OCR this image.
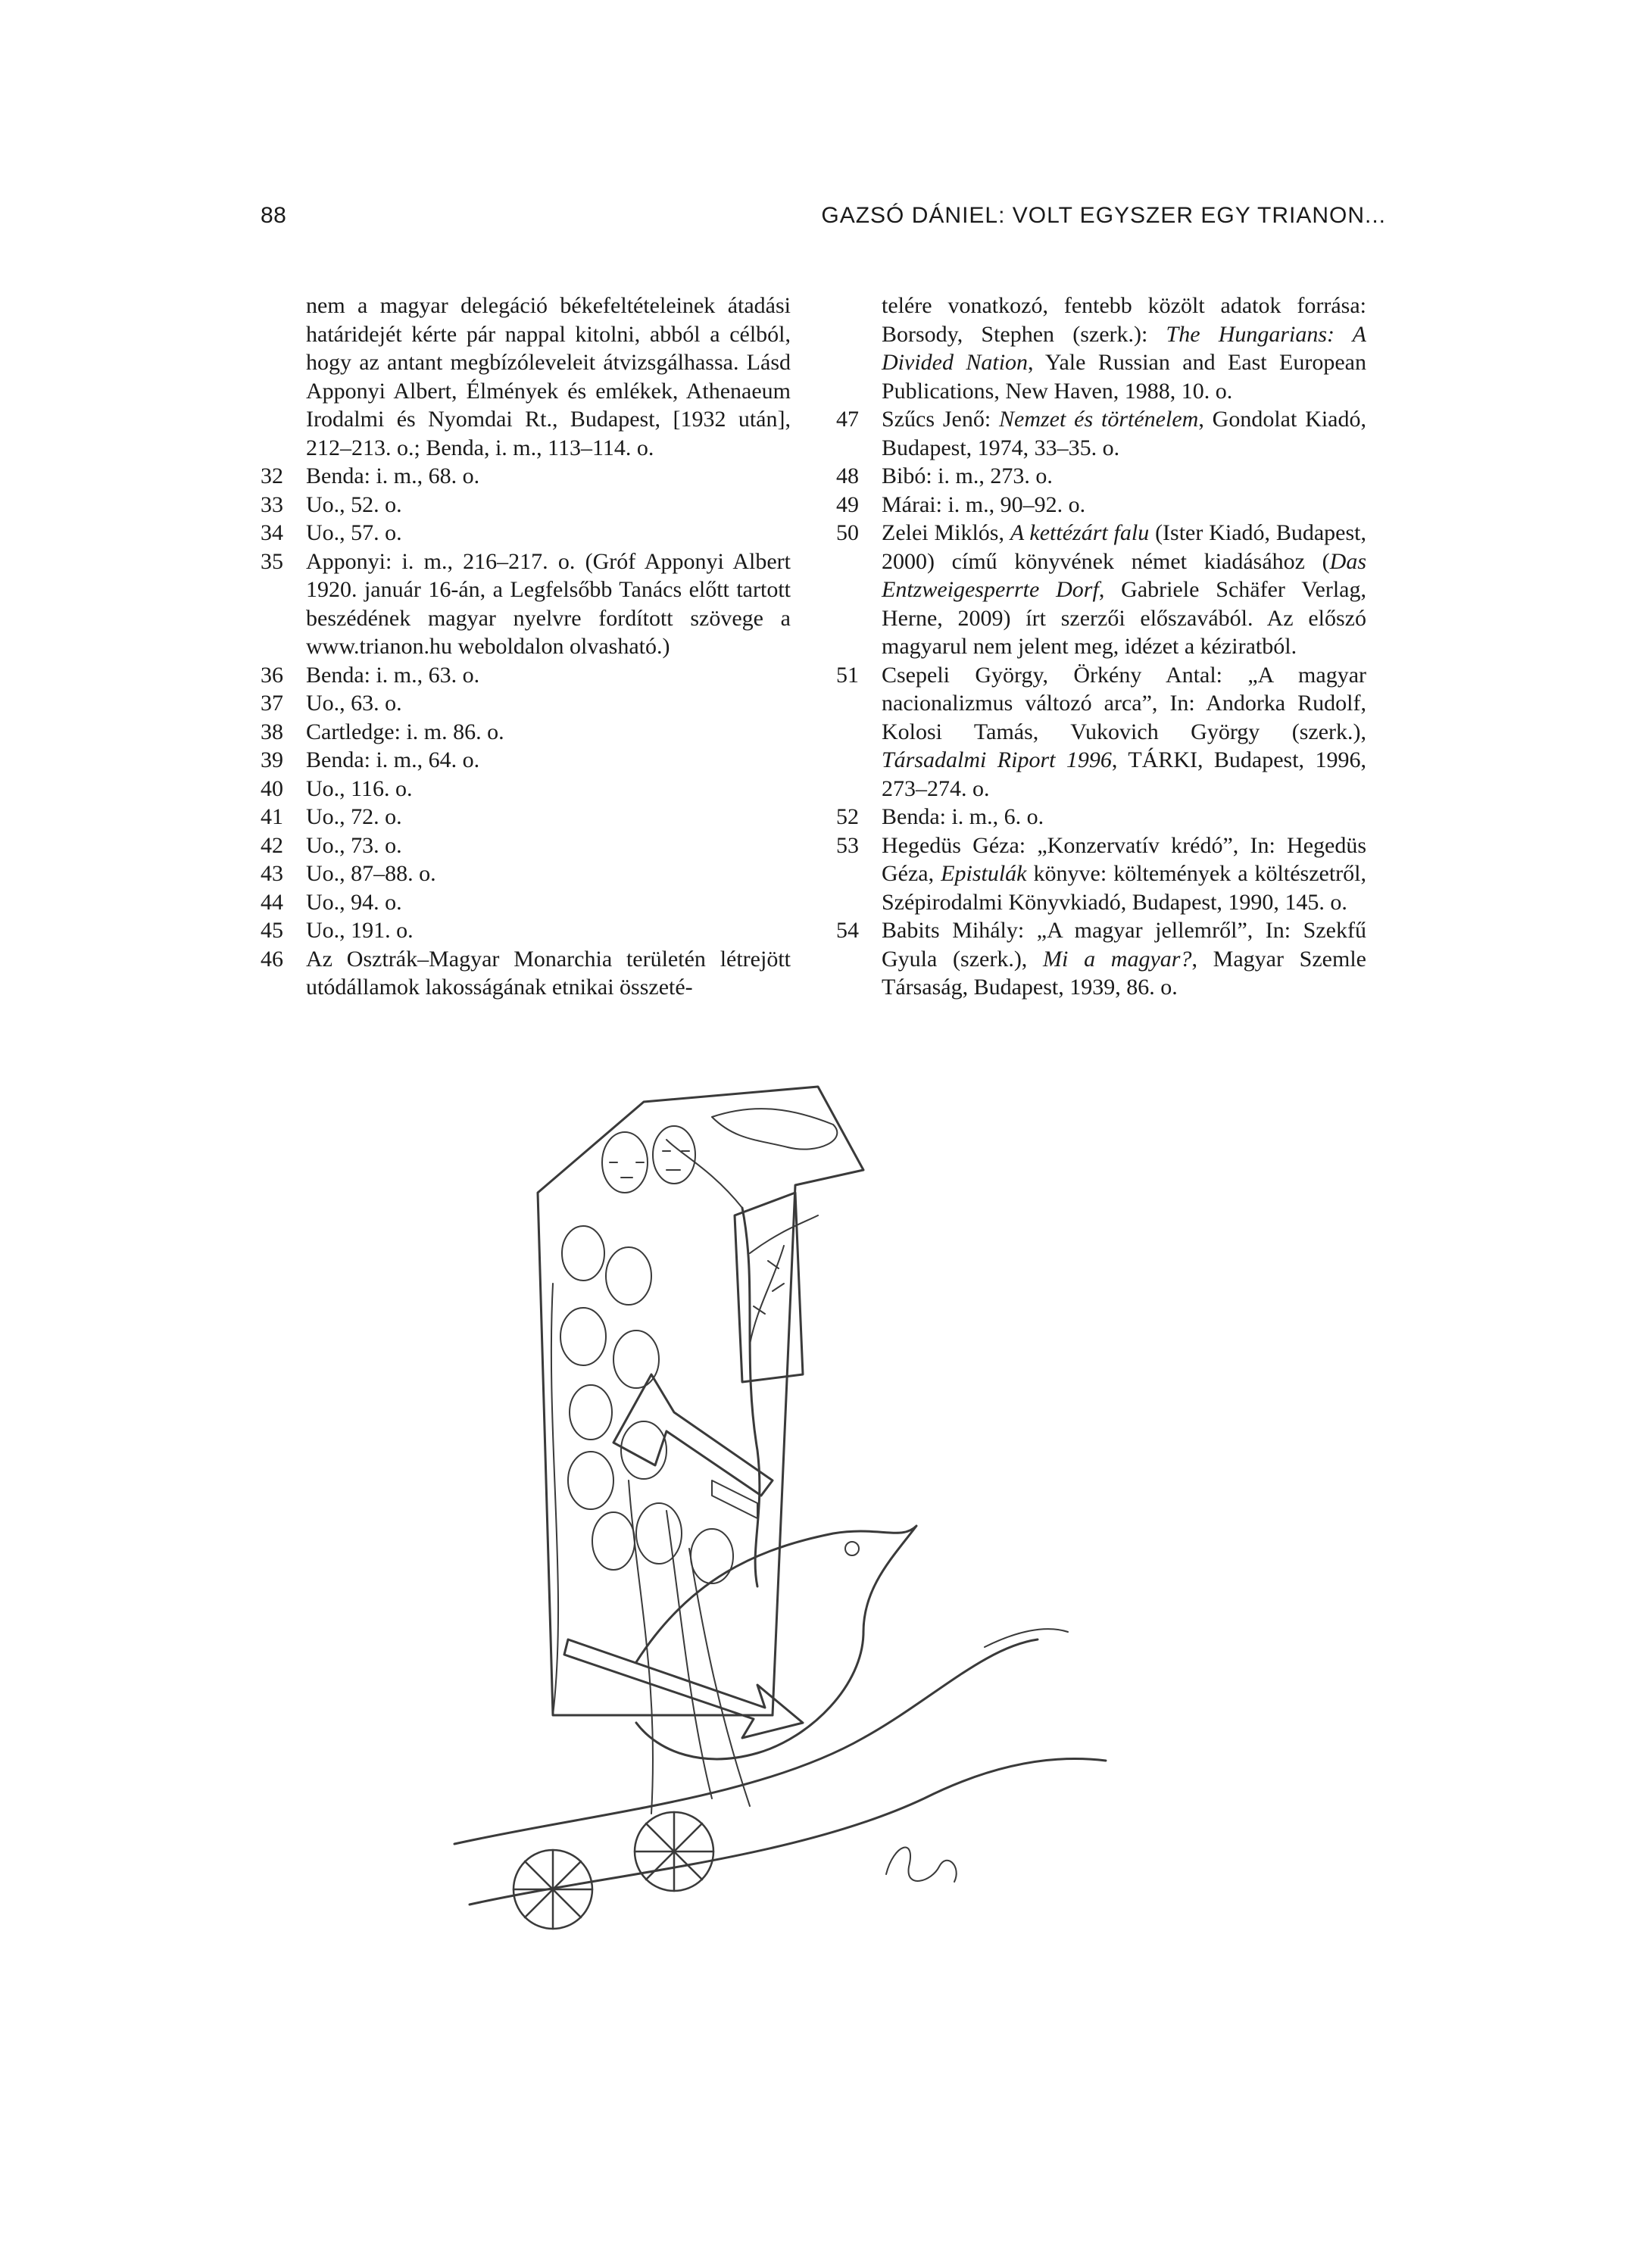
88	GAZSÓ DÁNIEL: VOLT EGYSZER EGY TRIANON...
nem a magyar delegáció békefeltételeinek átadási határidejét kérte pár nappal kitolni, abból a célból, hogy az antant megbízóleveleit átvizsgálhassa. Lásd Apponyi Albert, Élmények és emlékek, Athenaeum Irodalmi és Nyomdai Rt., Budapest, [1932 után], 212–213. o.; Benda, i. m., 113–114. o.
32	Benda: i. m., 68. o.
33	Uo., 52. o.
34	Uo., 57. o.
35	Apponyi: i. m., 216–217. o. (Gróf Apponyi Albert 1920. január 16-án, a Legfelsőbb Tanács előtt tartott beszédének magyar nyelvre fordított szövege a www.trianon.hu weboldalon olvasható.)
36	Benda: i. m., 63. o.
37	Uo., 63. o.
38	Cartledge: i. m. 86. o.
39	Benda: i. m., 64. o.
40	Uo., 116. o.
41	Uo., 72. o.
42	Uo., 73. o.
43	Uo., 87–88. o.
44	Uo., 94. o.
45	Uo., 191. o.
46	Az Osztrák–Magyar Monarchia területén létrejött utódállamok lakosságának etnikai összeté-
telére vonatkozó, fentebb közölt adatok forrása: Borsody, Stephen (szerk.): The Hungarians: A Divided Nation, Yale Russian and East European Publications, New Haven, 1988, 10. o.
47	Szűcs Jenő: Nemzet és történelem, Gondolat Kiadó, Budapest, 1974, 33–35. o.
48	Bibó: i. m., 273. o.
49	Márai: i. m., 90–92. o.
50	Zelei Miklós, A kettézárt falu (Ister Kiadó, Budapest, 2000) című könyvének német kiadásához (Das Entzweigesperrte Dorf, Gabriele Schäfer Verlag, Herne, 2009) írt szerzői előszavából. Az előszó magyarul nem jelent meg, idézet a kéziratból.
51	Csepeli György, Örkény Antal: „A magyar nacionalizmus változó arca”, In: Andorka Rudolf, Kolosi Tamás, Vukovich György (szerk.), Társadalmi Riport 1996, TÁRKI, Budapest, 1996, 273–274. o.
52	Benda: i. m., 6. o.
53	Hegedüs Géza: „Konzervatív krédó”, In: Hegedüs Géza, Epistulák könyve: költemények a költészetről, Szépirodalmi Könyvkiadó, Budapest, 1990, 145. o.
54	Babits Mihály: „A magyar jellemről”, In: Szekfű Gyula (szerk.), Mi a magyar?, Magyar Szemle Társaság, Budapest, 1939, 86. o.
